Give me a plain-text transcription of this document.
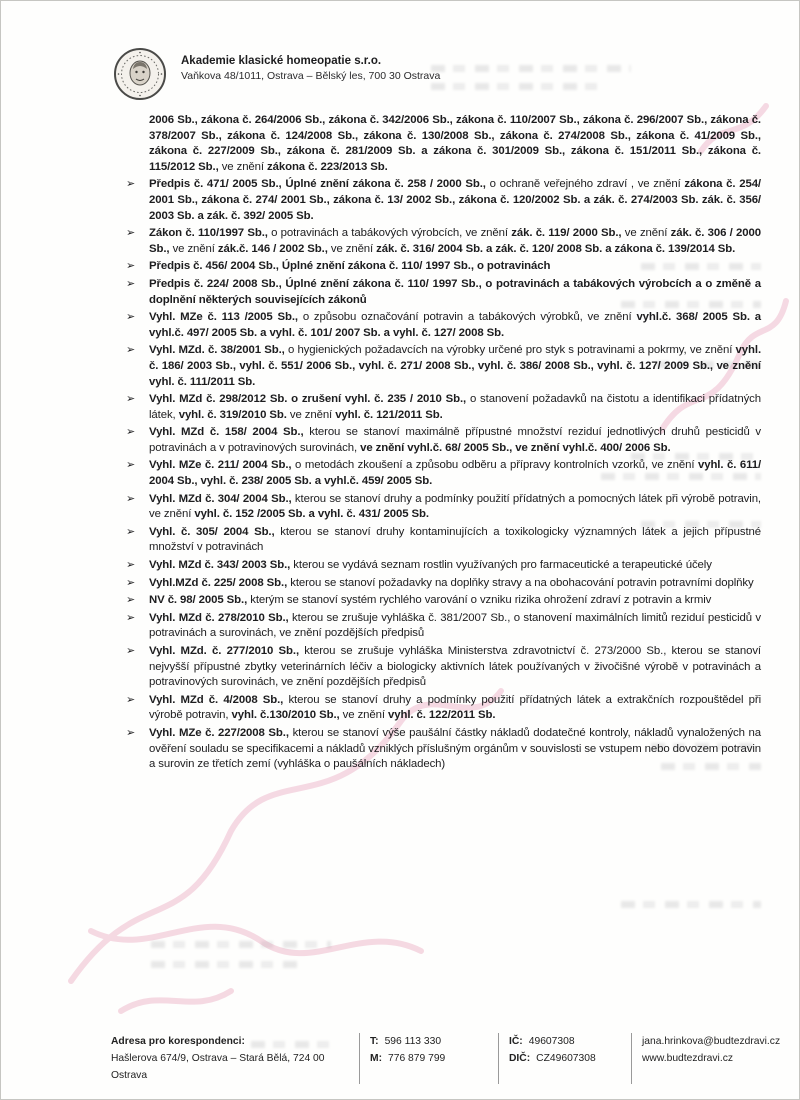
Akademie klasické homeopatie s.r.o.
Vaňkova 48/1011, Ostrava – Bělský les, 700 30 Ostrava

2006 Sb., zákona č. 264/2006 Sb., zákona č. 342/2006 Sb., zákona č. 110/2007 Sb., zákona č. 296/2007 Sb., zákona č. 378/2007 Sb., zákona č. 124/2008 Sb., zákona č. 130/2008 Sb., zákona č. 274/2008 Sb., zákona č. 41/2009 Sb., zákona č. 227/2009 Sb., zákona č. 281/2009 Sb. a zákona č. 301/2009 Sb., zákona č. 151/2011 Sb., zákona č. 115/2012 Sb., ve znění zákona č. 223/2013 Sb.

➢ Předpis č. 471/ 2005 Sb., Úplné znění zákona č. 258 / 2000 Sb., o ochraně veřejného zdraví , ve znění zákona č. 254/ 2001 Sb., zákona č. 274/ 2001 Sb., zákona č. 13/ 2002 Sb., zákona č. 120/2002 Sb. a zák. č. 274/2003 Sb. zák. č. 356/ 2003 Sb. a zák. č. 392/ 2005 Sb.
➢ Zákon č. 110/1997 Sb., o potravinách a tabákových výrobcích, ve znění zák. č. 119/ 2000 Sb., ve znění zák. č. 306 / 2000 Sb., ve znění zák.č. 146 / 2002 Sb., ve znění zák. č. 316/ 2004 Sb. a zák. č. 120/ 2008 Sb. a zákona č. 139/2014 Sb.
➢ Předpis č. 456/ 2004 Sb., Úplné znění zákona č. 110/ 1997 Sb., o potravinách
➢ Předpis č. 224/ 2008 Sb., Úplné znění zákona č. 110/ 1997 Sb., o potravinách a tabákových výrobcích a o změně a doplnění některých souvisejících zákonů
➢ Vyhl. MZe č. 113 /2005 Sb., o způsobu označování potravin a tabákových výrobků, ve znění vyhl.č. 368/ 2005 Sb. a vyhl.č. 497/ 2005 Sb. a vyhl. č. 101/ 2007 Sb. a vyhl. č. 127/ 2008 Sb.
➢ Vyhl. MZd. č. 38/2001 Sb., o hygienických požadavcích na výrobky určené pro styk s potravinami a pokrmy, ve znění vyhl. č. 186/ 2003 Sb., vyhl. č. 551/ 2006 Sb., vyhl. č. 271/ 2008 Sb., vyhl. č. 386/ 2008 Sb., vyhl. č. 127/ 2009 Sb., ve znění vyhl. č. 111/2011 Sb.
➢ Vyhl. MZd č. 298/2012 Sb. o zrušení vyhl. č. 235 / 2010 Sb., o stanovení požadavků na čistotu a identifikaci přídatných látek, vyhl. č. 319/2010 Sb. ve znění vyhl. č. 121/2011 Sb.
➢ Vyhl. MZd č. 158/ 2004 Sb., kterou se stanoví maximálně přípustné množství reziduí jednotlivých druhů pesticidů v potravinách a v potravinových surovinách, ve znění vyhl.č. 68/ 2005 Sb., ve znění vyhl.č. 400/ 2006 Sb.
➢ Vyhl. MZe č. 211/ 2004 Sb., o metodách zkoušení a způsobu odběru a přípravy kontrolních vzorků, ve znění vyhl. č. 611/ 2004 Sb., vyhl. č. 238/ 2005 Sb. a vyhl.č. 459/ 2005 Sb.
➢ Vyhl. MZd č. 304/ 2004 Sb., kterou se stanoví druhy a podmínky použití přídatných a pomocných látek při výrobě potravin, ve znění vyhl. č. 152 /2005 Sb. a vyhl. č. 431/ 2005 Sb.
➢ Vyhl. č. 305/ 2004 Sb., kterou se stanoví druhy kontaminujících a toxikologicky významných látek a jejich přípustné množství v potravinách
➢ Vyhl. MZd č. 343/ 2003 Sb., kterou se vydává seznam rostlin využívaných pro farmaceutické a terapeutické účely
➢ Vyhl.MZd č. 225/ 2008 Sb., kterou se stanoví požadavky na doplňky stravy a na obohacování potravin potravními doplňky
➢ NV č. 98/ 2005 Sb., kterým se stanoví systém rychlého varování o vzniku rizika ohrožení zdraví z potravin a krmiv
➢ Vyhl. MZd č. 278/2010 Sb., kterou se zrušuje vyhláška č. 381/2007 Sb., o stanovení maximálních limitů reziduí pesticidů v potravinách a surovinách, ve znění pozdějších předpisů
➢ Vyhl. MZd. č. 277/2010 Sb., kterou se zrušuje vyhláška Ministerstva zdravotnictví č. 273/2000 Sb., kterou se stanoví nejvyšší přípustné zbytky veterinárních léčiv a biologicky aktivních látek používaných v živočišné výrobě v potravinách a potravinových surovinách, ve znění pozdějších předpisů
➢ Vyhl. MZd č. 4/2008 Sb., kterou se stanoví druhy a podmínky použití přídatných látek a extrakčních rozpouštědel při výrobě potravin, vyhl. č.130/2010 Sb., ve znění vyhl. č. 122/2011 Sb.
➢ Vyhl. MZe č. 227/2008 Sb., kterou se stanoví výše paušální částky nákladů dodatečné kontroly, nákladů vynaložených na ověření souladu se specifikacemi a nákladů vzniklých příslušným orgánům v souvislosti se vstupem nebo dovozem potravin a surovin ze třetích zemí (vyhláška o paušálních nákladech)
Adresa pro korespondenci:
Hašlerova 674/9, Ostrava – Stará Bělá, 724 00 Ostrava
T: 596 113 330
M: 776 879 799
IČ: 49607308
DIČ: CZ49607308
jana.hrinkova@budtezdravi.cz
www.budtezdravi.cz
